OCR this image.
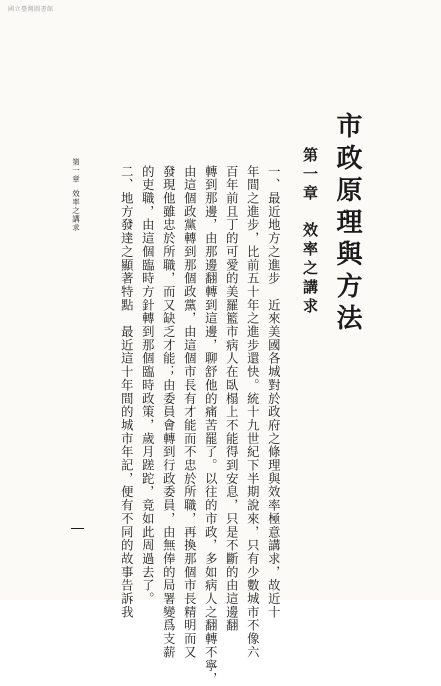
國立臺灣圖書館
市政原理與方法
第一章效率之講求
一、最近地方之進步　近來美國各城對於政府之條理與效率極意講求，故近十
年間之進步，比前五十年之進步還快。統十九世紀下半期說來，只有少數城市不像六
百年前且丁的可愛的美羅籃市病人在臥榻上不能得到安息，只是不斷的由這邊翻
轉到那邊，由那邊翻轉到這邊，聊舒他的痛苦罷了。以往的市政，多如病人之翻轉不寧，
由這個政黨轉到那個政黨，由這個市長有才能而不忠於所職，再換那個市長精明而又
發現他雖忠於所職，而又缺乏才能；由委員會轉到行政委員，由無俸的局署變爲支薪
的吏職，由這個臨時方針轉到那個臨時政策，歲月蹉跎，竟如此周過去了。
二、地方發達之顯著特點　最近這十年間的城市年記，便有不同的故事告訴我
第一章效率之講求
